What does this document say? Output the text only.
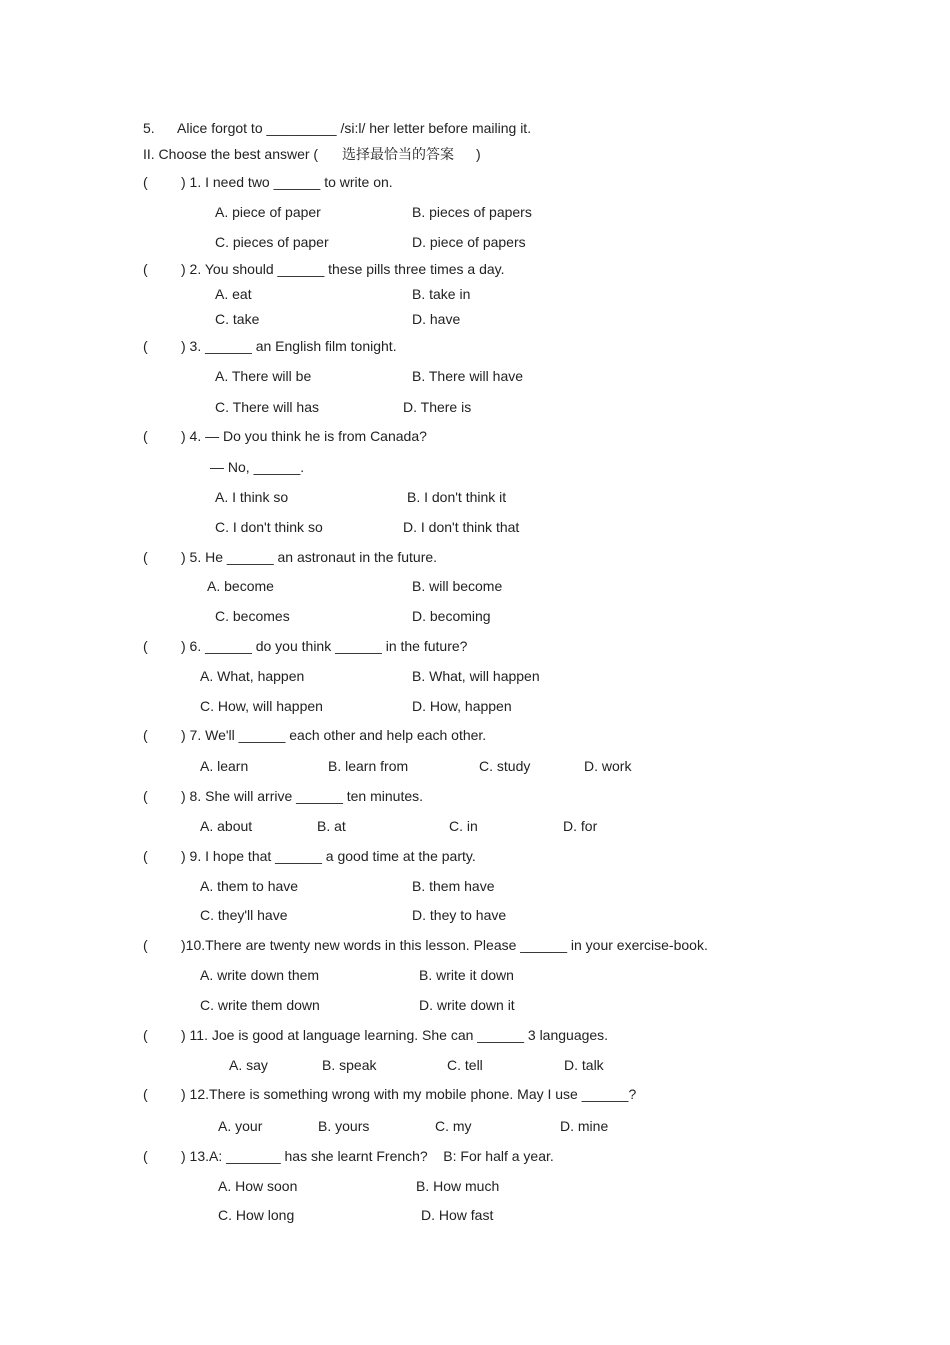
5. Alice forgot to _________ /si:l/ her letter before mailing it.
II. Choose the best answer ( 选择最恰当的答案 )
( ) 1. I need two ______ to write on.
A. piece of paper	B. pieces of papers
C. pieces of paper	D. piece of papers
( ) 2. You should ______ these pills three times a day.
A. eat	B. take in
C. take	D. have
( ) 3. ______ an English film tonight.
A. There will be	B. There will have
C. There will has	D. There is
( ) 4. — Do you think he is from Canada?
— No, ______.
A. I think so	B. I don't think it
C. I don't think so	D. I don't think that
( ) 5. He ______ an astronaut in the future.
A. become	B. will become
C. becomes	D. becoming
( ) 6. ______ do you think ______ in the future?
A. What, happen	B. What, will happen
C. How, will happen	D. How, happen
( ) 7. We'll ______ each other and help each other.
A. learn	B. learn from	C. study	D. work
( ) 8. She will arrive ______ ten minutes.
A. about	B. at	C. in	D. for
( ) 9. I hope that ______ a good time at the party.
A. them to have	B. them have
C. they'll have	D. they to have
( )10.There are twenty new words in this lesson. Please ______ in your exercise-book.
A. write down them	B. write it down
C. write them down	D. write down it
( ) 11. Joe is good at language learning. She can ______ 3 languages.
A. say	B. speak	C. tell	D. talk
( ) 12.There is something wrong with my mobile phone. May I use ______?
A. your	B. yours	C. my	D. mine
( ) 13.A: _______ has she learnt French?    B: For half a year.
A. How soon	B. How much
C. How long	D. How fast
